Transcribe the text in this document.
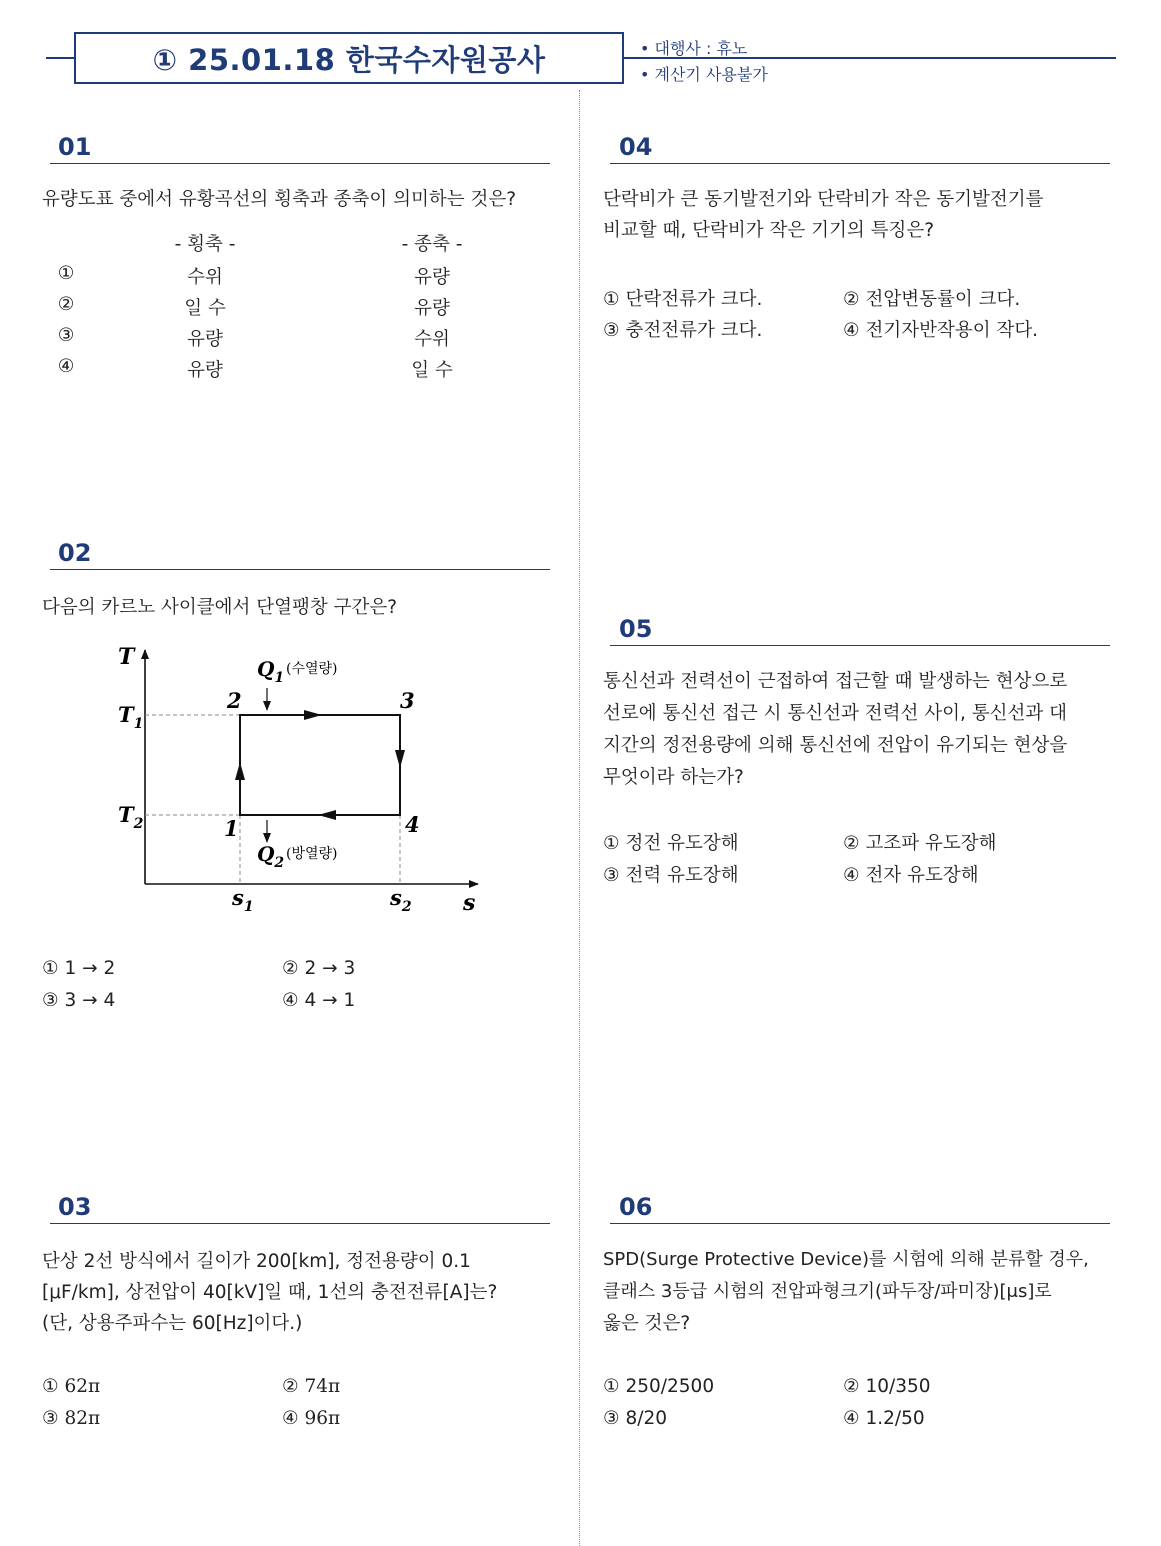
① 25.01.18 한국수자원공사	• 대행사 : 휴노
• 계산기 사용불가
01
유량도표 중에서 유황곡선의 횡축과 종축이 의미하는 것은?
- 횡축 -	- 종축 -
①	수위	유량
②	일 수	유량
③	유량	수위
④	유량	일 수
02
다음의 카르노 사이클에서 단열팽창 구간은?
T
s
$T_1$
$T_2$
$s_1$	$s_2$
$Q_1$
(수열량)
$Q_2$
(방열량)
2	3
1	4
① 1 → 2	② 2 → 3
③ 3 → 4	④ 4 → 1
03
단상 2선 방식에서 길이가 200[km], 정전용량이 0.1
[μF/km], 상전압이 40[kV]일 때, 1선의 충전전류[A]는?
(단, 상용주파수는 60[Hz]이다.)
① 62π	② 74π
③ 82π	④ 96π
04
단락비가 큰 동기발전기와 단락비가 작은 동기발전기를
비교할 때, 단락비가 작은 기기의 특징은?
① 단락전류가 크다.	② 전압변동률이 크다.
③ 충전전류가 크다.	④ 전기자반작용이 작다.
05
통신선과 전력선이 근접하여 접근할 때 발생하는 현상으로
선로에 통신선 접근 시 통신선과 전력선 사이, 통신선과 대
지간의 정전용량에 의해 통신선에 전압이 유기되는 현상을
무엇이라 하는가?
① 정전 유도장해	② 고조파 유도장해
③ 전력 유도장해	④ 전자 유도장해
06
SPD(Surge Protective Device)를 시험에 의해 분류할 경우,
클래스 3등급 시험의 전압파형크기(파두장/파미장)[μs]로
옳은 것은?
① 250/2500	② 10/350
③ 8/20	④ 1.2/50
